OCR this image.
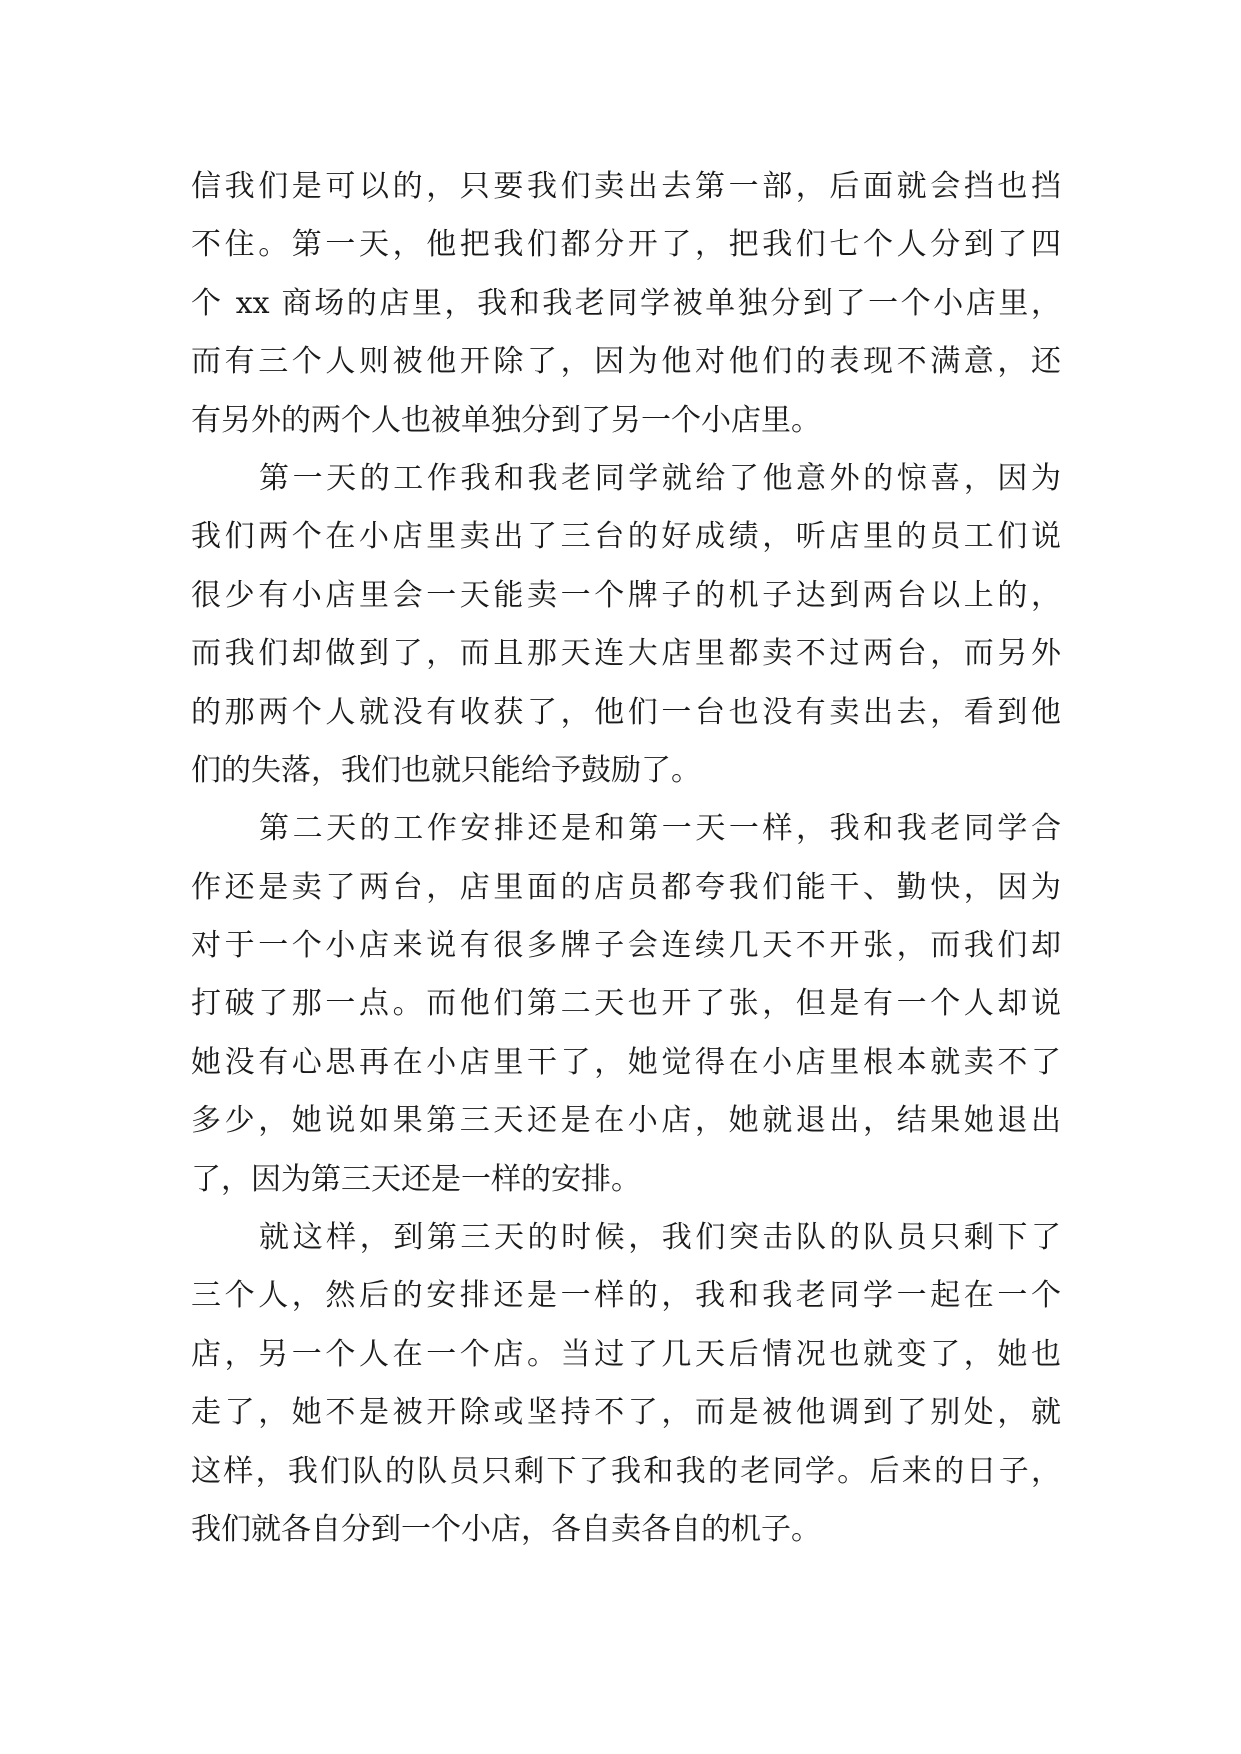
信我们是可以的，只要我们卖出去第一部，后面就会挡也挡
不住。第一天，他把我们都分开了，把我们七个人分到了四
个 xx 商场的店里，我和我老同学被单独分到了一个小店里，
而有三个人则被他开除了，因为他对他们的表现不满意，还
有另外的两个人也被单独分到了另一个小店里。
第一天的工作我和我老同学就给了他意外的惊喜，因为
我们两个在小店里卖出了三台的好成绩，听店里的员工们说
很少有小店里会一天能卖一个牌子的机子达到两台以上的，
而我们却做到了，而且那天连大店里都卖不过两台，而另外
的那两个人就没有收获了，他们一台也没有卖出去，看到他
们的失落，我们也就只能给予鼓励了。
第二天的工作安排还是和第一天一样，我和我老同学合
作还是卖了两台，店里面的店员都夸我们能干、勤快，因为
对于一个小店来说有很多牌子会连续几天不开张，而我们却
打破了那一点。而他们第二天也开了张，但是有一个人却说
她没有心思再在小店里干了，她觉得在小店里根本就卖不了
多少，她说如果第三天还是在小店，她就退出，结果她退出
了，因为第三天还是一样的安排。
就这样，到第三天的时候，我们突击队的队员只剩下了
三个人，然后的安排还是一样的，我和我老同学一起在一个
店，另一个人在一个店。当过了几天后情况也就变了，她也
走了，她不是被开除或坚持不了，而是被他调到了别处，就
这样，我们队的队员只剩下了我和我的老同学。后来的日子，
我们就各自分到一个小店，各自卖各自的机子。
